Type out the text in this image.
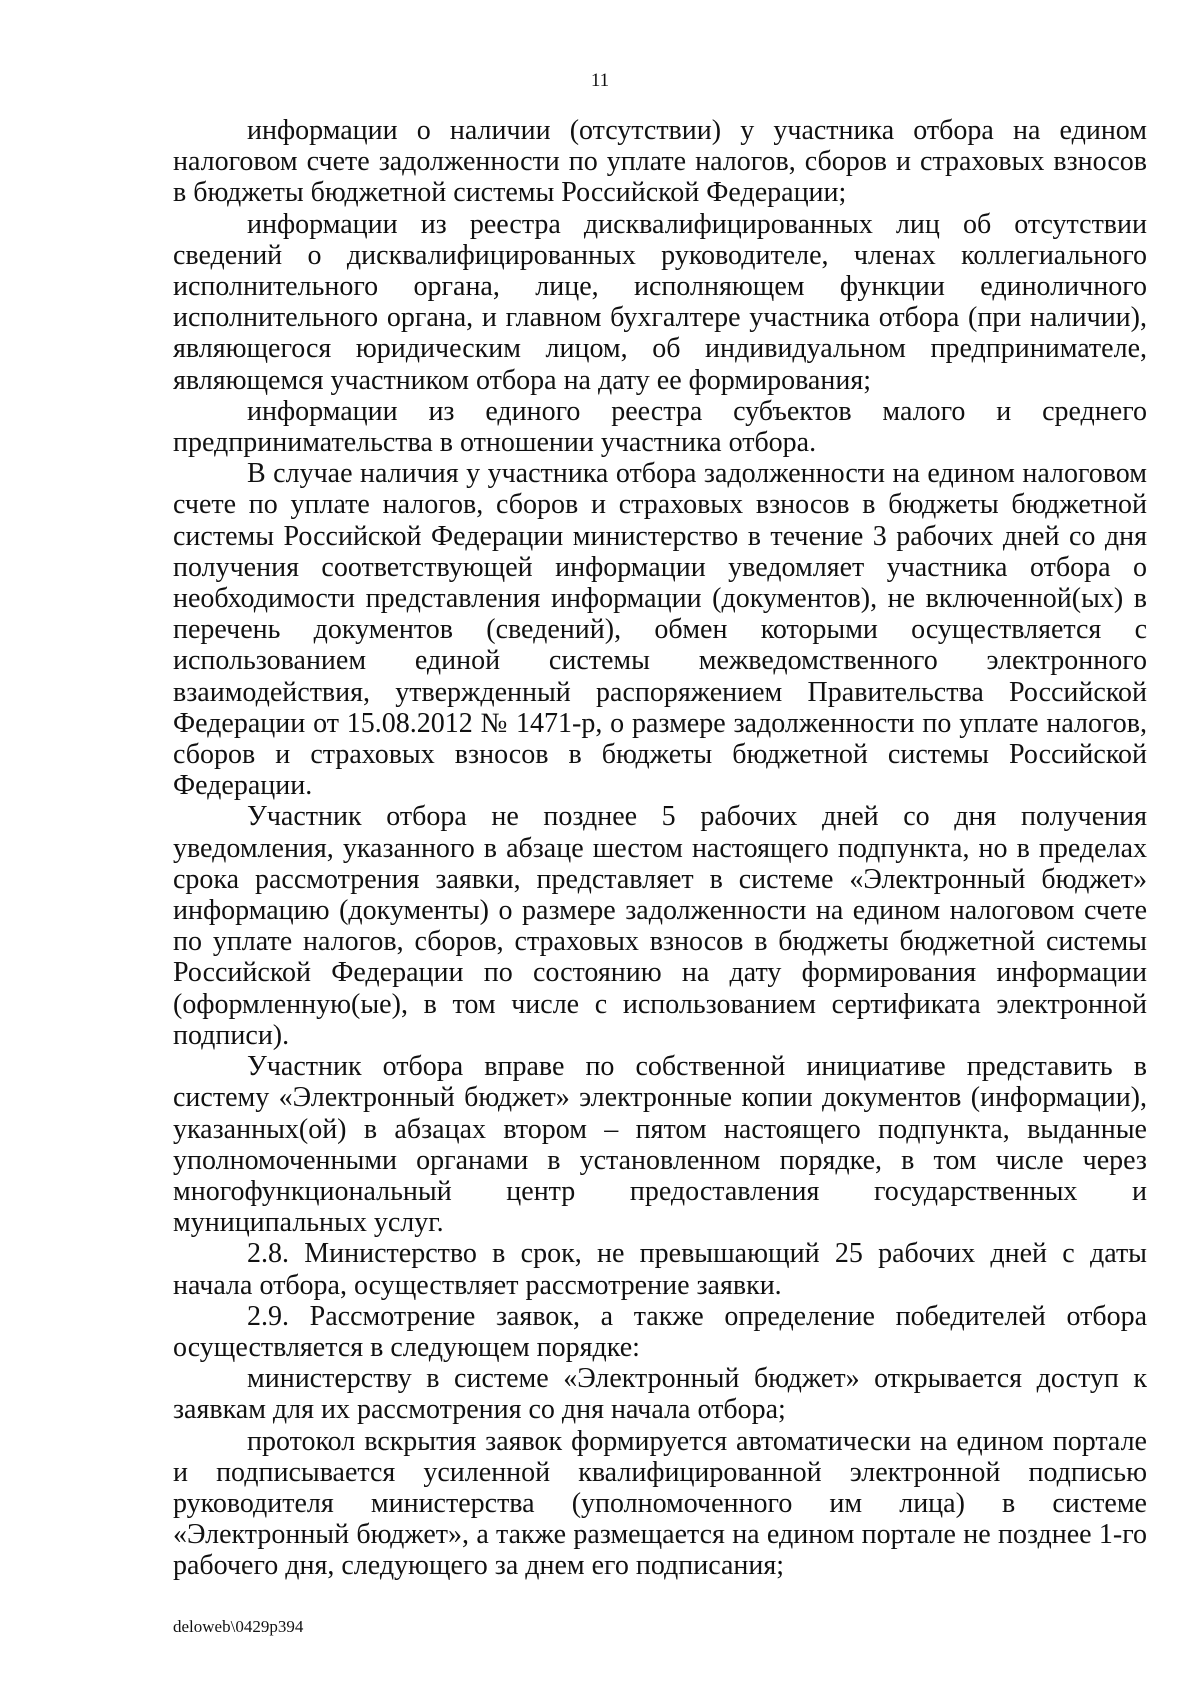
11

информации о наличии (отсутствии) у участника отбора на едином налоговом счете задолженности по уплате налогов, сборов и страховых взносов в бюджеты бюджетной системы Российской Федерации;

информации из реестра дисквалифицированных лиц об отсутствии сведений о дисквалифицированных руководителе, членах коллегиального исполнительного органа, лице, исполняющем функции единоличного исполнительного органа, и главном бухгалтере участника отбора (при наличии), являющегося юридическим лицом, об индивидуальном предпринимателе, являющемся участником отбора на дату ее формирования;

информации из единого реестра субъектов малого и среднего предпринимательства в отношении участника отбора.

В случае наличия у участника отбора задолженности на едином налоговом счете по уплате налогов, сборов и страховых взносов в бюджеты бюджетной системы Российской Федерации министерство в течение 3 рабочих дней со дня получения соответствующей информации уведомляет участника отбора о необходимости представления информации (документов), не включенной(ых) в перечень документов (сведений), обмен которыми осуществляется с использованием единой системы межведомственного электронного взаимодействия, утвержденный распоряжением Правительства Российской Федерации от 15.08.2012 № 1471-р, о размере задолженности по уплате налогов, сборов и страховых взносов в бюджеты бюджетной системы Российской Федерации.

Участник отбора не позднее 5 рабочих дней со дня получения уведомления, указанного в абзаце шестом настоящего подпункта, но в пределах срока рассмотрения заявки, представляет в системе «Электронный бюджет» информацию (документы) о размере задолженности на едином налоговом счете по уплате налогов, сборов, страховых взносов в бюджеты бюджетной системы Российской Федерации по состоянию на дату формирования информации (оформленную(ые), в том числе с использованием сертификата электронной подписи).

Участник отбора вправе по собственной инициативе представить в систему «Электронный бюджет» электронные копии документов (информации), указанных(ой) в абзацах втором – пятом настоящего подпункта, выданные уполномоченными органами в установленном порядке, в том числе через многофункциональный центр предоставления государственных и муниципальных услуг.

2.8. Министерство в срок, не превышающий 25 рабочих дней с даты начала отбора, осуществляет рассмотрение заявки.

2.9. Рассмотрение заявок, а также определение победителей отбора осуществляется в следующем порядке:

министерству в системе «Электронный бюджет» открывается доступ к заявкам для их рассмотрения со дня начала отбора;

протокол вскрытия заявок формируется автоматически на едином портале и подписывается усиленной квалифицированной электронной подписью руководителя министерства (уполномоченного им лица) в системе «Электронный бюджет», а также размещается на едином портале не позднее 1-го рабочего дня, следующего за днем его подписания;

deloweb\0429p394
